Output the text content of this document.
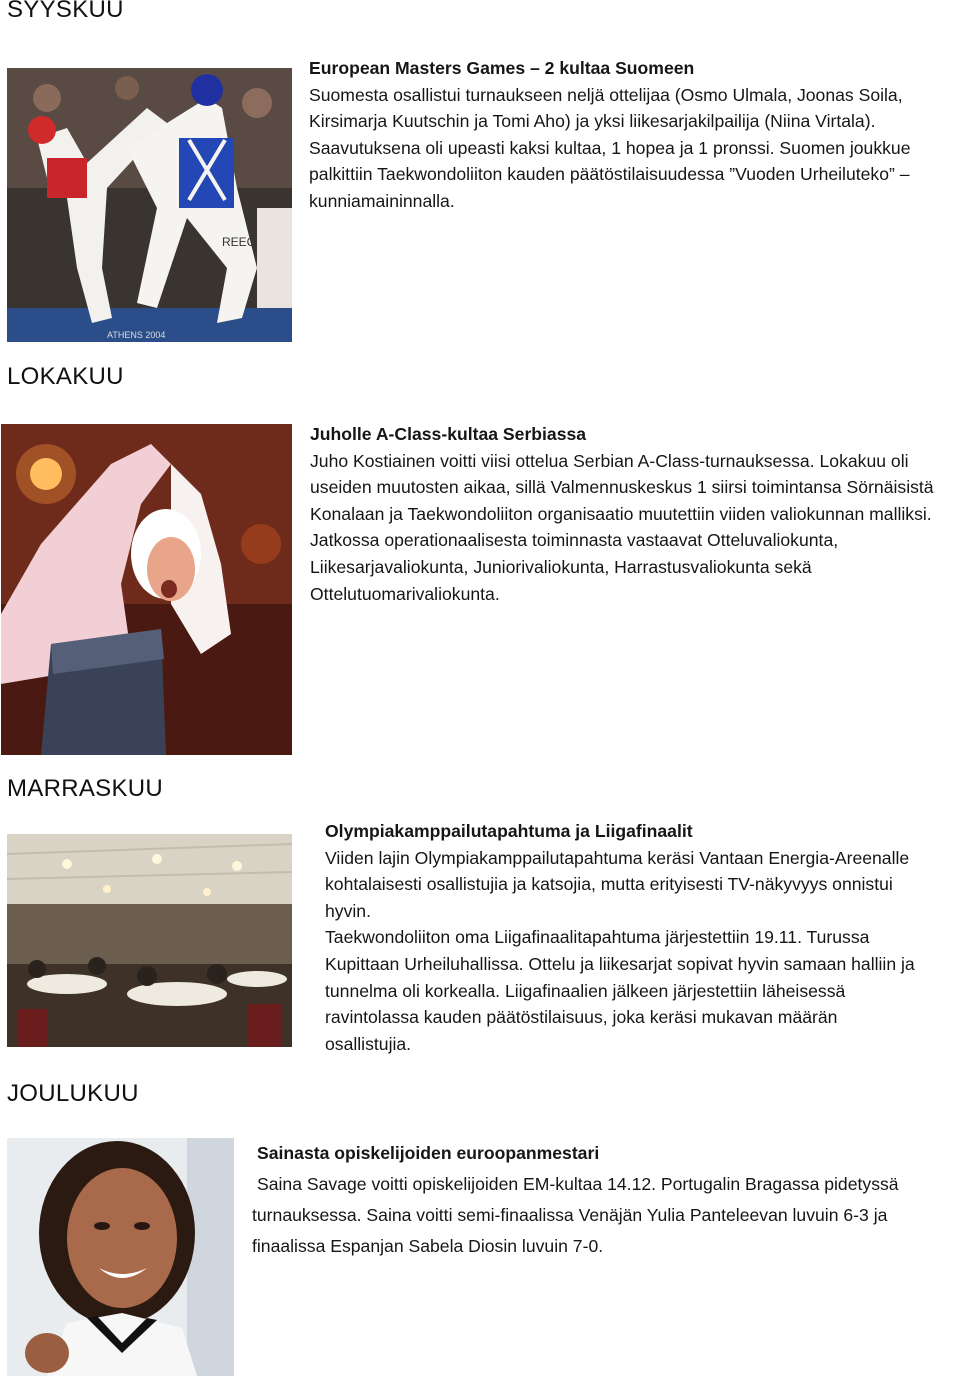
SYYSKUU
REEC
ATHENS 2004
European Masters Games – 2 kultaa Suomeen

Suomesta osallistui turnaukseen neljä ottelijaa (Osmo Ulmala, Joonas Soila, Kirsimarja Kuutschin ja Tomi Aho) ja yksi liikesarjakilpailija (Niina Virtala). Saavutuksena oli upeasti kaksi kultaa, 1 hopea ja 1 pronssi. Suomen joukkue palkittiin Taekwondoliiton kauden päätöstilaisuudessa ”Vuoden Urheiluteko” –kunniamaininnalla.

LOKAKUU
Juholle A-Class-kultaa Serbiassa

Juho Kostiainen voitti viisi ottelua Serbian A-Class-turnauksessa. Lokakuu oli useiden muutosten aikaa, sillä Valmennuskeskus 1 siirsi toimintansa Sörnäisistä Konalaan ja Taekwondoliiton organisaatio muutettiin viiden valiokunnan malliksi. Jatkossa operationaalisesta toiminnasta vastaavat Otteluvaliokunta, Liikesarjavaliokunta, Juniorivaliokunta, Harrastusvaliokunta sekä Ottelutuomarivaliokunta.

MARRASKUU
Olympiakamppailutapahtuma ja Liigafinaalit

Viiden lajin Olympiakamppailutapahtuma keräsi Vantaan Energia-Areenalle kohtalaisesti osallistujia ja katsojia, mutta erityisesti TV-näkyvyys onnistui hyvin.

Taekwondoliiton oma Liigafinaalitapahtuma järjestettiin 19.11. Turussa Kupittaan Urheiluhallissa. Ottelu ja liikesarjat sopivat hyvin samaan halliin ja tunnelma oli korkealla. Liigafinaalien jälkeen järjestettiin läheisessä ravintolassa kauden päätöstilaisuus, joka keräsi mukavan määrän osallistujia.

JOULUKUU
Sainasta opiskelijoiden euroopanmestari

Saina Savage voitti opiskelijoiden EM-kultaa 14.12. Portugalin Bragassa pidetyssä turnauksessa. Saina voitti semi-finaalissa Venäjän Yulia Panteleevan luvuin 6-3 ja finaalissa Espanjan Sabela Diosin luvuin 7-0.
